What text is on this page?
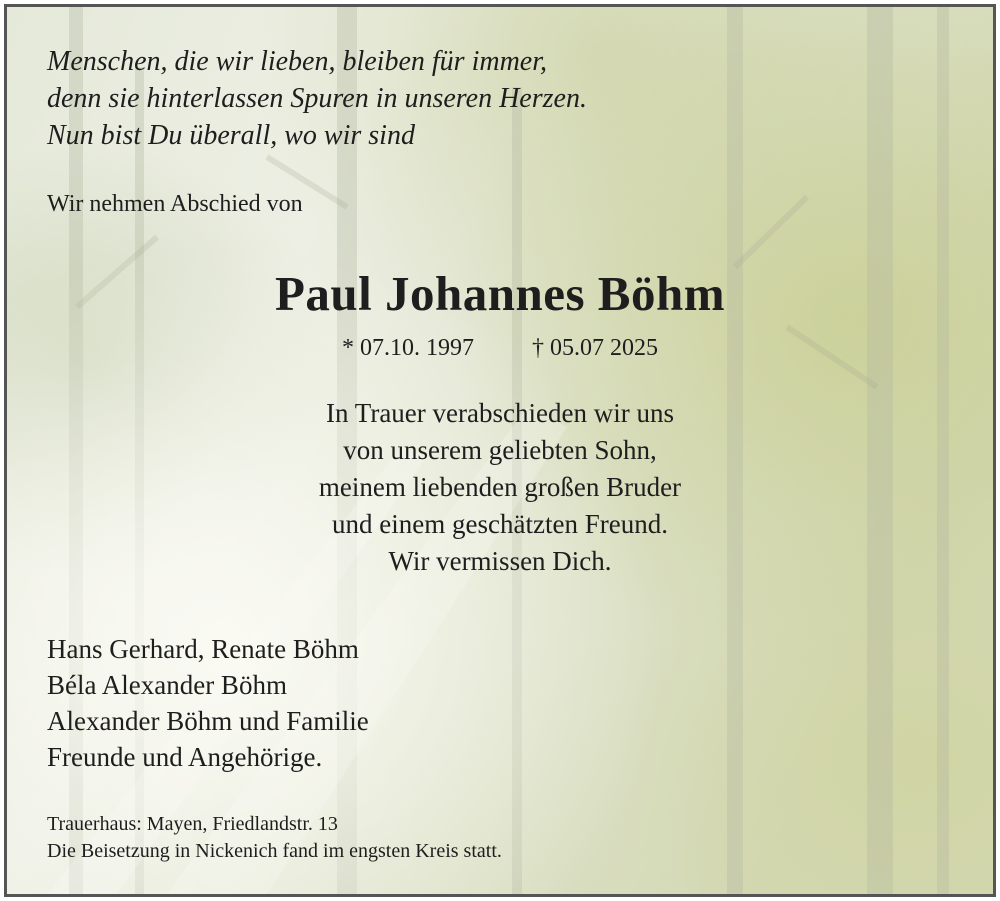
Menschen, die wir lieben, bleiben für immer,
denn sie hinterlassen Spuren in unseren Herzen.
Nun bist Du überall, wo wir sind
Wir nehmen Abschied von
Paul Johannes Böhm
* 07.10. 1997 † 05.07 2025
In Trauer verabschieden wir uns
von unserem geliebten Sohn,
meinem liebenden großen Bruder
und einem geschätzten Freund.
Wir vermissen Dich.
Hans Gerhard, Renate Böhm
Béla Alexander Böhm
Alexander Böhm und Familie
Freunde und Angehörige.
Trauerhaus: Mayen, Friedlandstr. 13
Die Beisetzung in Nickenich fand im engsten Kreis statt.
